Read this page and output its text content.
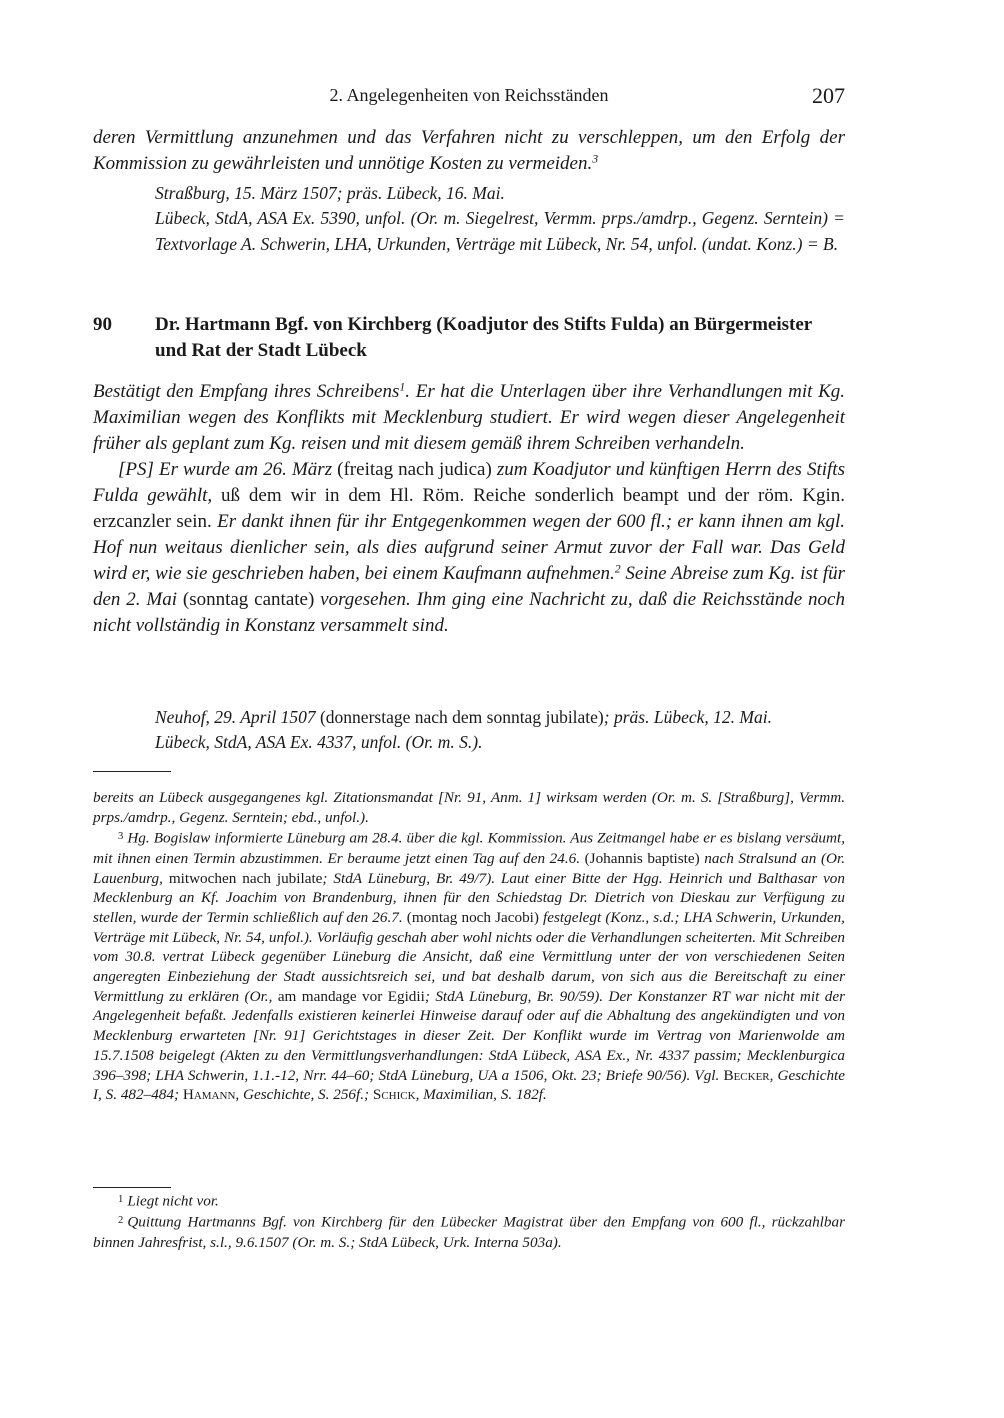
2. Angelegenheiten von Reichsständen	207

deren Vermittlung anzunehmen und das Verfahren nicht zu verschleppen, um den Erfolg der Kommission zu gewährleisten und unnötige Kosten zu vermeiden.$^3$

Straßburg, 15. März 1507; präs. Lübeck, 16. Mai.

Lübeck, StdA, ASA Ex. 5390, unfol. (Or. m. Siegelrest, Vermm. prps./amdrp., Gegenz. Serntein) = Textvorlage A. Schwerin, LHA, Urkunden, Verträge mit Lübeck, Nr. 54, unfol. (undat. Konz.) = B.

90 Dr. Hartmann Bgf. von Kirchberg (Koadjutor des Stifts Fulda) an Bürgermeister und Rat der Stadt Lübeck

Bestätigt den Empfang ihres Schreibens$^1$. Er hat die Unterlagen über ihre Verhandlungen mit Kg. Maximilian wegen des Konflikts mit Mecklenburg studiert. Er wird wegen dieser Angelegenheit früher als geplant zum Kg. reisen und mit diesem gemäß ihrem Schreiben verhandeln.

[PS] Er wurde am 26. März (freitag nach judica) zum Koadjutor und künftigen Herrn des Stifts Fulda gewählt, uß dem wir in dem Hl. Röm. Reiche sonderlich beampt und der röm. Kgin. erzcanzler sein. Er dankt ihnen für ihr Entgegenkommen wegen der 600 fl.; er kann ihnen am kgl. Hof nun weitaus dienlicher sein, als dies aufgrund seiner Armut zuvor der Fall war. Das Geld wird er, wie sie geschrieben haben, bei einem Kaufmann aufnehmen.$^2$ Seine Abreise zum Kg. ist für den 2. Mai (sonntag cantate) vorgesehen. Ihm ging eine Nachricht zu, daß die Reichsstände noch nicht vollständig in Konstanz versammelt sind.

Neuhof, 29. April 1507 (donnerstage nach dem sonntag jubilate); präs. Lübeck, 12. Mai.

Lübeck, StdA, ASA Ex. 4337, unfol. (Or. m. S.).

bereits an Lübeck ausgegangenes kgl. Zitationsmandat [Nr. 91, Anm. 1] wirksam werden (Or. m. S. [Straßburg], Vermm. prps./amdrp., Gegenz. Serntein; ebd., unfol.).

$^3$ Hg. Bogislaw informierte Lüneburg am 28.4. über die kgl. Kommission. Aus Zeitmangel habe er es bislang versäumt, mit ihnen einen Termin abzustimmen. Er beraume jetzt einen Tag auf den 24.6. (Johannis baptiste) nach Stralsund an (Or. Lauenburg, mitwochen nach jubilate; StdA Lüneburg, Br. 49/7). Laut einer Bitte der Hgg. Heinrich und Balthasar von Mecklenburg an Kf. Joachim von Brandenburg, ihnen für den Schiedstag Dr. Dietrich von Dieskau zur Verfügung zu stellen, wurde der Termin schließlich auf den 26.7. (montag noch Jacobi) festgelegt (Konz., s.d.; LHA Schwerin, Urkunden, Verträge mit Lübeck, Nr. 54, unfol.). Vorläufig geschah aber wohl nichts oder die Verhandlungen scheiterten. Mit Schreiben vom 30.8. vertrat Lübeck gegenüber Lüneburg die Ansicht, daß eine Vermittlung unter der von verschiedenen Seiten angeregten Einbeziehung der Stadt aussichtsreich sei, und bat deshalb darum, von sich aus die Bereitschaft zu einer Vermittlung zu erklären (Or., am mandage vor Egidii; StdA Lüneburg, Br. 90/59). Der Konstanzer RT war nicht mit der Angelegenheit befaßt. Jedenfalls existieren keinerlei Hinweise darauf oder auf die Abhaltung des angekündigten und von Mecklenburg erwarteten [Nr. 91] Gerichtstages in dieser Zeit. Der Konflikt wurde im Vertrag von Marienwolde am 15.7.1508 beigelegt (Akten zu den Vermittlungsverhandlungen: StdA Lübeck, ASA Ex., Nr. 4337 passim; Mecklenburgica 396–398; LHA Schwerin, 1.1.-12, Nrr. 44–60; StdA Lüneburg, UA a 1506, Okt. 23; Briefe 90/56). Vgl. Becker, Geschichte I, S. 482–484; Hamann, Geschichte, S. 256f.; Schick, Maximilian, S. 182f.

$^1$ Liegt nicht vor.

$^2$ Quittung Hartmanns Bgf. von Kirchberg für den Lübecker Magistrat über den Empfang von 600 fl., rückzahlbar binnen Jahresfrist, s.l., 9.6.1507 (Or. m. S.; StdA Lübeck, Urk. Interna 503a).
